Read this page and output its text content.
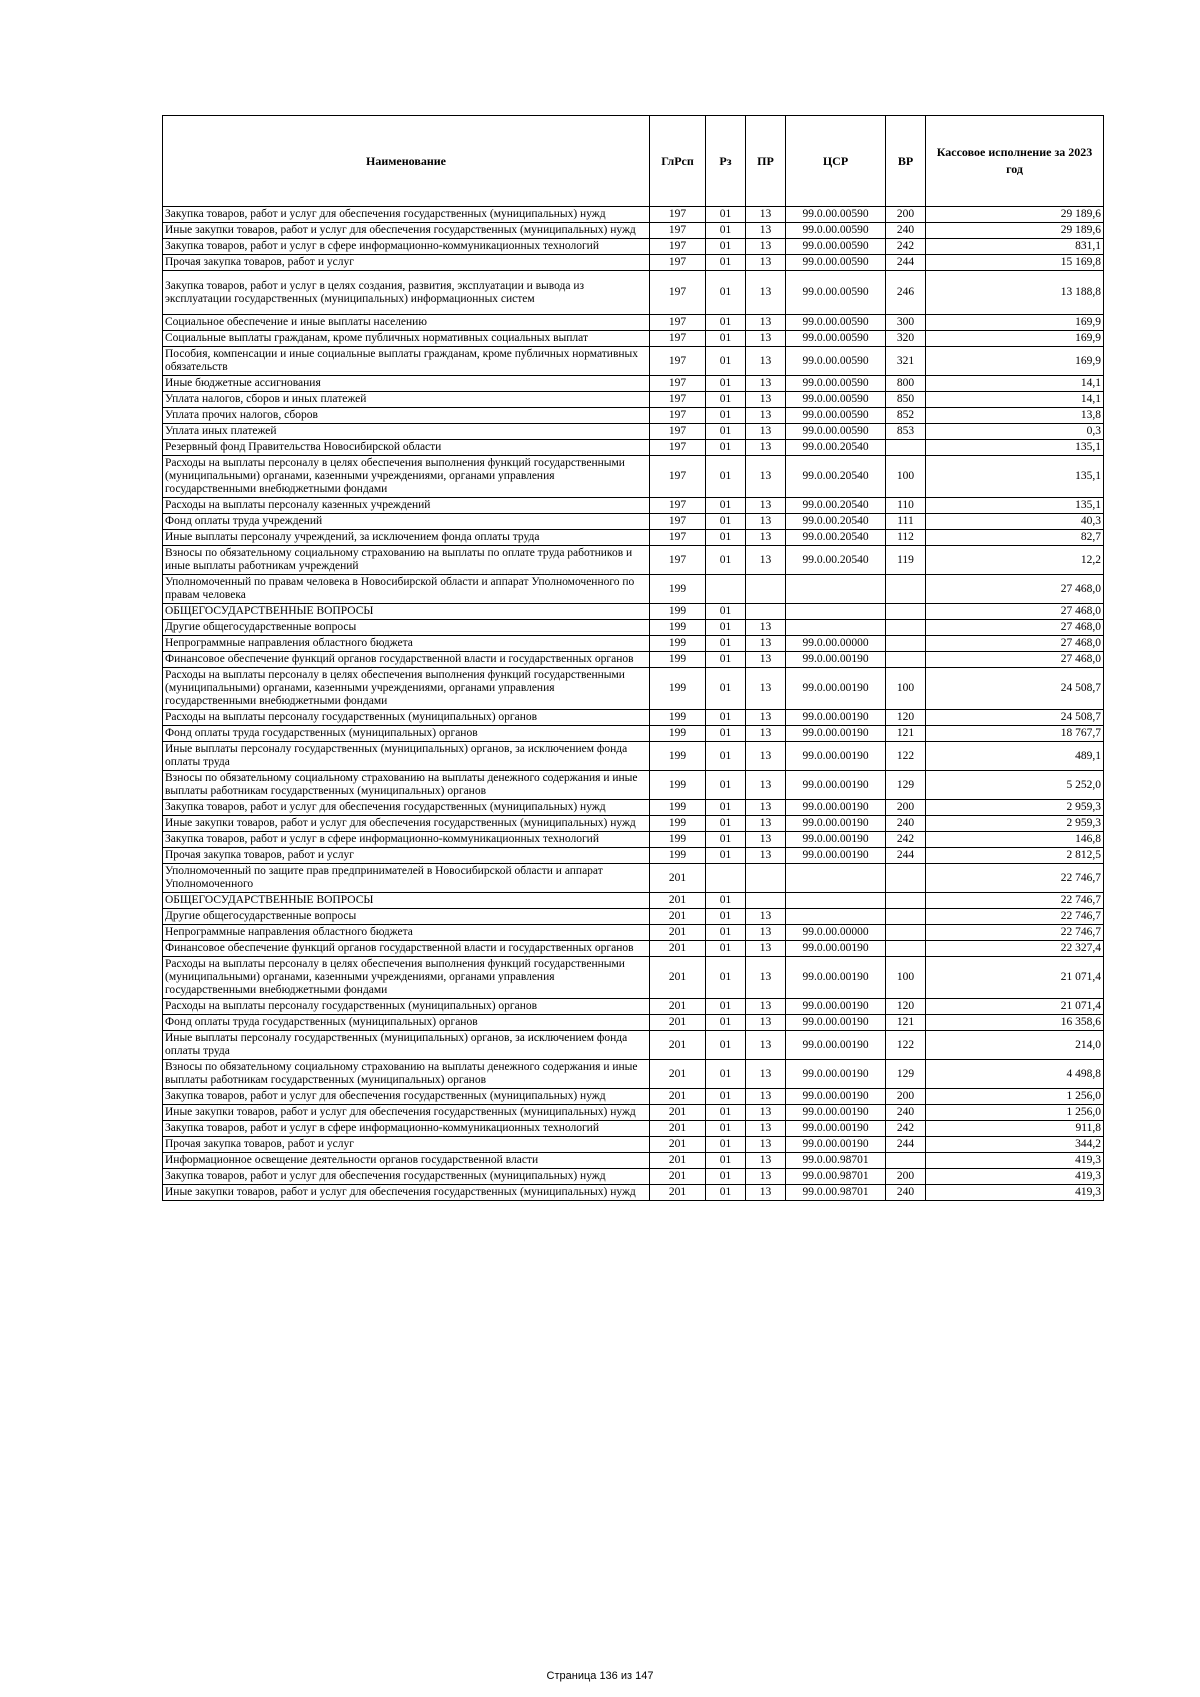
Наименование	ГлРсп	Рз	ПР	ЦСР	ВР	Кассовое исполнение за 2023 год
Закупка товаров, работ и услуг для обеспечения государственных (муниципальных) нужд	197	01	13	99.0.00.00590	200	29 189,6
Иные закупки товаров, работ и услуг для обеспечения государственных (муниципальных) нужд	197	01	13	99.0.00.00590	240	29 189,6
Закупка товаров, работ и услуг в сфере информационно-коммуникационных технологий	197	01	13	99.0.00.00590	242	831,1
Прочая закупка товаров, работ и услуг	197	01	13	99.0.00.00590	244	15 169,8
Закупка товаров, работ и услуг в целях создания, развития, эксплуатации и вывода из эксплуатации государственных (муниципальных) информационных систем	197	01	13	99.0.00.00590	246	13 188,8
Социальное обеспечение и иные выплаты населению	197	01	13	99.0.00.00590	300	169,9
Социальные выплаты гражданам, кроме публичных нормативных социальных выплат	197	01	13	99.0.00.00590	320	169,9
Пособия, компенсации и иные социальные выплаты гражданам, кроме публичных нормативных обязательств	197	01	13	99.0.00.00590	321	169,9
Иные бюджетные ассигнования	197	01	13	99.0.00.00590	800	14,1
Уплата налогов, сборов и иных платежей	197	01	13	99.0.00.00590	850	14,1
Уплата прочих налогов, сборов	197	01	13	99.0.00.00590	852	13,8
Уплата иных платежей	197	01	13	99.0.00.00590	853	0,3
Резервный фонд Правительства Новосибирской области	197	01	13	99.0.00.20540		135,1
Расходы на выплаты персоналу в целях обеспечения выполнения функций государственными (муниципальными) органами, казенными учреждениями, органами управления государственными внебюджетными фондами	197	01	13	99.0.00.20540	100	135,1
Расходы на выплаты персоналу казенных учреждений	197	01	13	99.0.00.20540	110	135,1
Фонд оплаты труда учреждений	197	01	13	99.0.00.20540	111	40,3
Иные выплаты персоналу учреждений, за исключением фонда оплаты труда	197	01	13	99.0.00.20540	112	82,7
Взносы по обязательному социальному страхованию на выплаты по оплате труда работников и иные выплаты работникам учреждений	197	01	13	99.0.00.20540	119	12,2
Уполномоченный по правам человека в Новосибирской области и аппарат Уполномоченного по правам человека	199					27 468,0
ОБЩЕГОСУДАРСТВЕННЫЕ ВОПРОСЫ	199	01				27 468,0
Другие общегосударственные вопросы	199	01	13			27 468,0
Непрограммные направления областного бюджета	199	01	13	99.0.00.00000		27 468,0
Финансовое обеспечение функций органов государственной власти и государственных органов	199	01	13	99.0.00.00190		27 468,0
Расходы на выплаты персоналу в целях обеспечения выполнения функций государственными (муниципальными) органами, казенными учреждениями, органами управления государственными внебюджетными фондами	199	01	13	99.0.00.00190	100	24 508,7
Расходы на выплаты персоналу государственных (муниципальных) органов	199	01	13	99.0.00.00190	120	24 508,7
Фонд оплаты труда государственных (муниципальных) органов	199	01	13	99.0.00.00190	121	18 767,7
Иные выплаты персоналу государственных (муниципальных) органов, за исключением фонда оплаты труда	199	01	13	99.0.00.00190	122	489,1
Взносы по обязательному социальному страхованию на выплаты денежного содержания и иные выплаты работникам государственных (муниципальных) органов	199	01	13	99.0.00.00190	129	5 252,0
Закупка товаров, работ и услуг для обеспечения государственных (муниципальных) нужд	199	01	13	99.0.00.00190	200	2 959,3
Иные закупки товаров, работ и услуг для обеспечения государственных (муниципальных) нужд	199	01	13	99.0.00.00190	240	2 959,3
Закупка товаров, работ и услуг в сфере информационно-коммуникационных технологий	199	01	13	99.0.00.00190	242	146,8
Прочая закупка товаров, работ и услуг	199	01	13	99.0.00.00190	244	2 812,5
Уполномоченный по защите прав предпринимателей в Новосибирской области и аппарат Уполномоченного	201					22 746,7
ОБЩЕГОСУДАРСТВЕННЫЕ ВОПРОСЫ	201	01				22 746,7
Другие общегосударственные вопросы	201	01	13			22 746,7
Непрограммные направления областного бюджета	201	01	13	99.0.00.00000		22 746,7
Финансовое обеспечение функций органов государственной власти и государственных органов	201	01	13	99.0.00.00190		22 327,4
Расходы на выплаты персоналу в целях обеспечения выполнения функций государственными (муниципальными) органами, казенными учреждениями, органами управления государственными внебюджетными фондами	201	01	13	99.0.00.00190	100	21 071,4
Расходы на выплаты персоналу государственных (муниципальных) органов	201	01	13	99.0.00.00190	120	21 071,4
Фонд оплаты труда государственных (муниципальных) органов	201	01	13	99.0.00.00190	121	16 358,6
Иные выплаты персоналу государственных (муниципальных) органов, за исключением фонда оплаты труда	201	01	13	99.0.00.00190	122	214,0
Взносы по обязательному социальному страхованию на выплаты денежного содержания и иные выплаты работникам государственных (муниципальных) органов	201	01	13	99.0.00.00190	129	4 498,8
Закупка товаров, работ и услуг для обеспечения государственных (муниципальных) нужд	201	01	13	99.0.00.00190	200	1 256,0
Иные закупки товаров, работ и услуг для обеспечения государственных (муниципальных) нужд	201	01	13	99.0.00.00190	240	1 256,0
Закупка товаров, работ и услуг в сфере информационно-коммуникационных технологий	201	01	13	99.0.00.00190	242	911,8
Прочая закупка товаров, работ и услуг	201	01	13	99.0.00.00190	244	344,2
Информационное освещение деятельности органов государственной власти	201	01	13	99.0.00.98701		419,3
Закупка товаров, работ и услуг для обеспечения государственных (муниципальных) нужд	201	01	13	99.0.00.98701	200	419,3
Иные закупки товаров, работ и услуг для обеспечения государственных (муниципальных) нужд	201	01	13	99.0.00.98701	240	419,3
Страница 136 из 147
